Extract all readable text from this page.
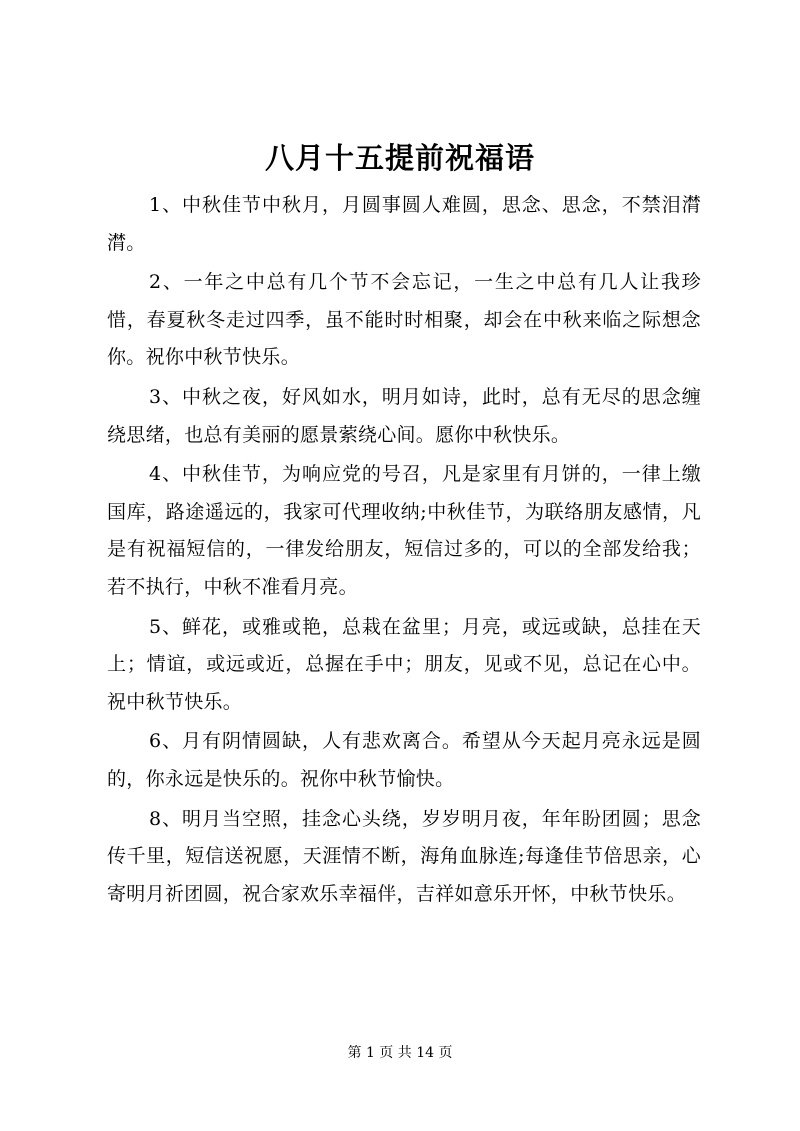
八月十五提前祝福语

1、中秋佳节中秋月，月圆事圆人难圆，思念、思念，不禁泪潸潸。

2、一年之中总有几个节不会忘记，一生之中总有几人让我珍惜，春夏秋冬走过四季，虽不能时时相聚，却会在中秋来临之际想念你。祝你中秋节快乐。

3、中秋之夜，好风如水，明月如诗，此时，总有无尽的思念缠绕思绪，也总有美丽的愿景萦绕心间。愿你中秋快乐。

4、中秋佳节，为响应党的号召，凡是家里有月饼的，一律上缴国库，路途遥远的，我家可代理收纳;中秋佳节，为联络朋友感情，凡是有祝福短信的，一律发给朋友，短信过多的，可以的全部发给我；若不执行，中秋不准看月亮。

5、鲜花，或雅或艳，总栽在盆里；月亮，或远或缺，总挂在天上；情谊，或远或近，总握在手中；朋友，见或不见，总记在心中。祝中秋节快乐。

6、月有阴情圆缺，人有悲欢离合。希望从今天起月亮永远是圆的，你永远是快乐的。祝你中秋节愉快。

8、明月当空照，挂念心头绕，岁岁明月夜，年年盼团圆；思念传千里，短信送祝愿，天涯情不断，海角血脉连;每逢佳节倍思亲，心寄明月祈团圆，祝合家欢乐幸福伴，吉祥如意乐开怀，中秋节快乐。

第 1 页 共 14 页
